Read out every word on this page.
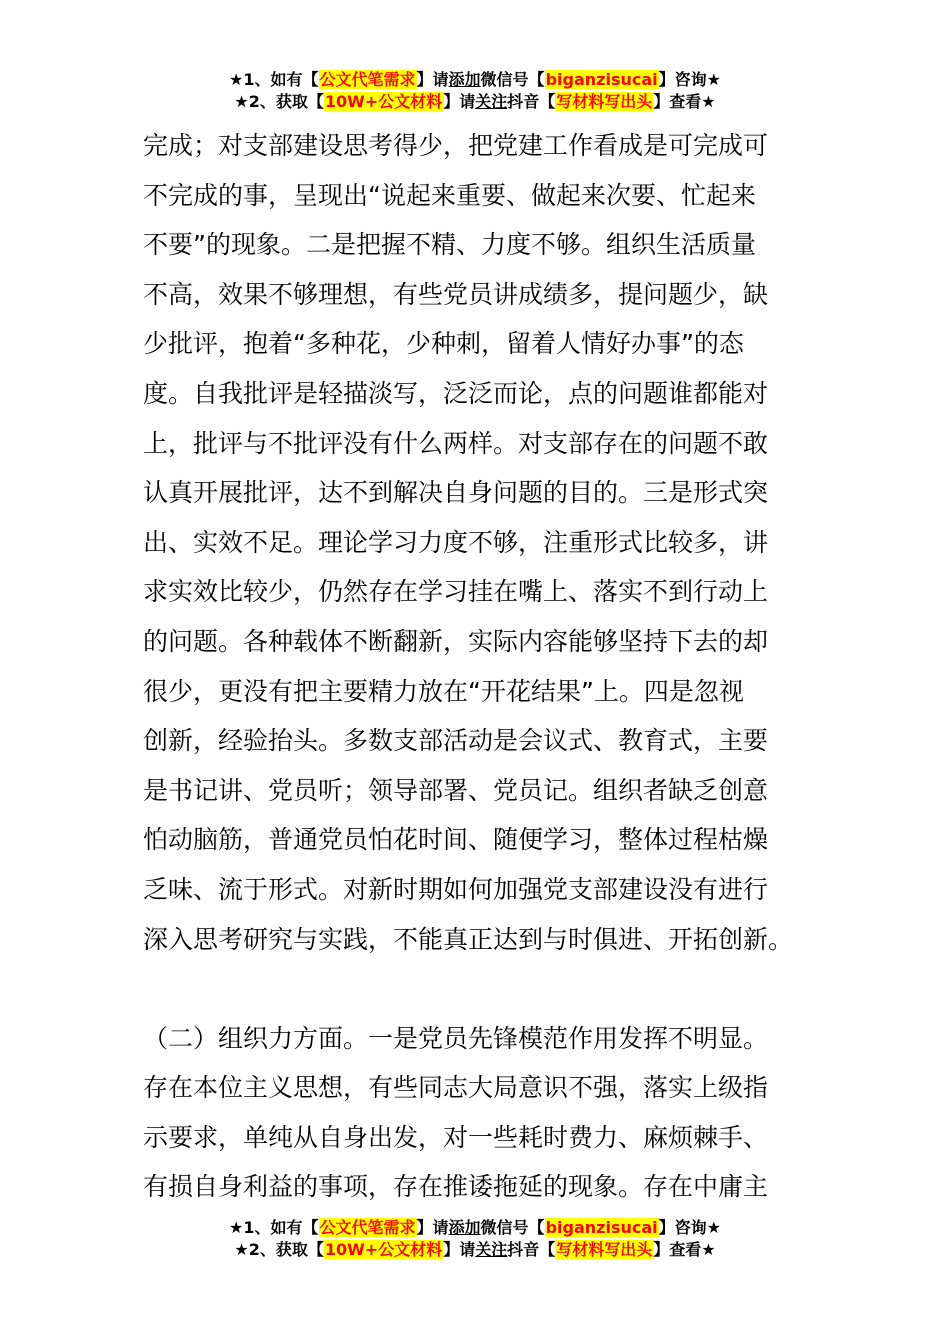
★1、如有【公文代笔需求】请添加微信号【biganzisucai】咨询★
★2、获取【10W+公文材料】请关注抖音【写材料写出头】查看★
完成；对支部建设思考得少，把党建工作看成是可完成可
不完成的事，呈现出“说起来重要、做起来次要、忙起来
不要”的现象。二是把握不精、力度不够。组织生活质量
不高，效果不够理想，有些党员讲成绩多，提问题少，缺
少批评，抱着“多种花，少种刺，留着人情好办事”的态
度。自我批评是轻描淡写，泛泛而论，点的问题谁都能对
上，批评与不批评没有什么两样。对支部存在的问题不敢
认真开展批评，达不到解决自身问题的目的。三是形式突
出、实效不足。理论学习力度不够，注重形式比较多，讲
求实效比较少，仍然存在学习挂在嘴上、落实不到行动上
的问题。各种载体不断翻新，实际内容能够坚持下去的却
很少，更没有把主要精力放在“开花结果”上。四是忽视
创新，经验抬头。多数支部活动是会议式、教育式，主要
是书记讲、党员听；领导部署、党员记。组织者缺乏创意
怕动脑筋，普通党员怕花时间、随便学习，整体过程枯燥
乏味、流于形式。对新时期如何加强党支部建设没有进行
深入思考研究与实践，不能真正达到与时俱进、开拓创新。
（二）组织力方面。一是党员先锋模范作用发挥不明显。
存在本位主义思想，有些同志大局意识不强，落实上级指
示要求，单纯从自身出发，对一些耗时费力、麻烦棘手、
有损自身利益的事项，存在推诿拖延的现象。存在中庸主
★1、如有【公文代笔需求】请添加微信号【biganzisucai】咨询★
★2、获取【10W+公文材料】请关注抖音【写材料写出头】查看★
